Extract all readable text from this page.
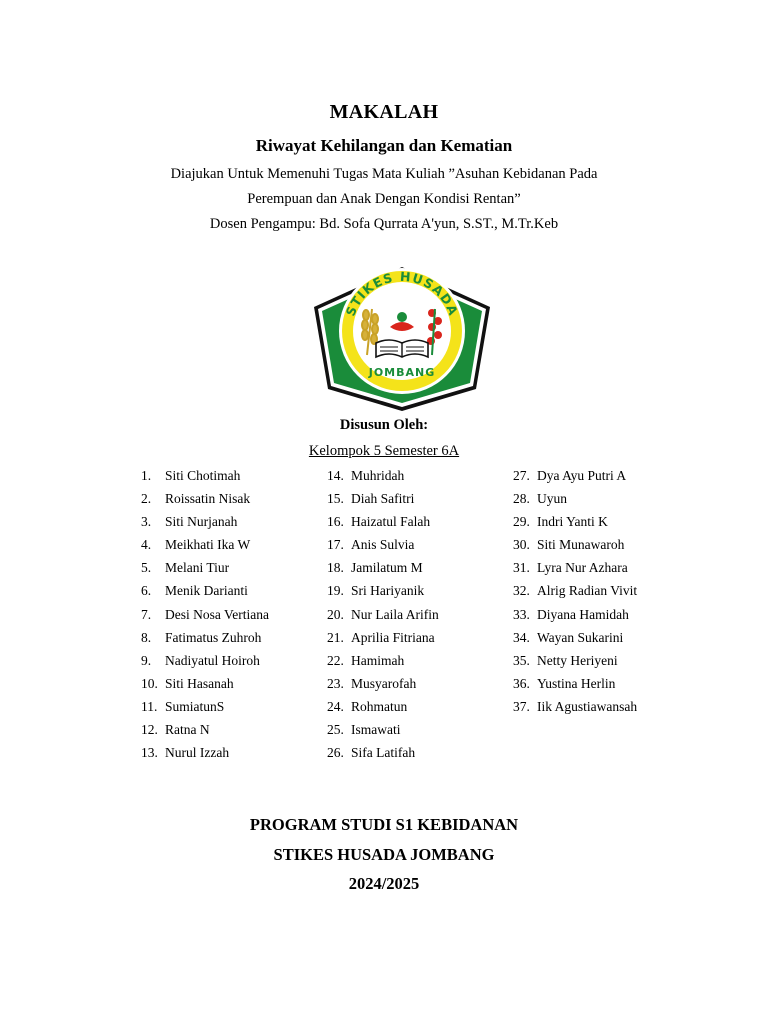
MAKALAH
Riwayat Kehilangan dan Kematian
Diajukan Untuk Memenuhi Tugas Mata Kuliah ”Asuhan Kebidanan Pada
Perempuan dan Anak Dengan Kondisi Rentan”
Dosen Pengampu: Bd. Sofa Qurrata A'yun, S.ST., M.Tr.Keb
STIKES HUSADA
JOMBANG
Disusun Oleh:
Kelompok 5 Semester 6A
1. Siti Chotimah
2. Roissatin Nisak
3. Siti Nurjanah
4. Meikhati Ika W
5. Melani Tiur
6. Menik Darianti
7. Desi Nosa Vertiana
8. Fatimatus Zuhroh
9. Nadiyatul Hoiroh
10. Siti Hasanah
11. SumiatunS
12. Ratna N
13. Nurul Izzah
14. Muhridah
15. Diah Safitri
16. Haizatul Falah
17. Anis Sulvia
18. Jamilatum M
19. Sri Hariyanik
20. Nur Laila Arifin
21. Aprilia Fitriana
22. Hamimah
23. Musyarofah
24. Rohmatun
25. Ismawati
26. Sifa Latifah
27. Dya Ayu Putri A
28. Uyun
29. Indri Yanti K
30. Siti Munawaroh
31. Lyra Nur Azhara
32. Alrig Radian Vivit
33. Diyana Hamidah
34. Wayan Sukarini
35. Netty Heriyeni
36. Yustina Herlin
37. Iik Agustiawansah
PROGRAM STUDI S1 KEBIDANAN
STIKES HUSADA JOMBANG
2024/2025
